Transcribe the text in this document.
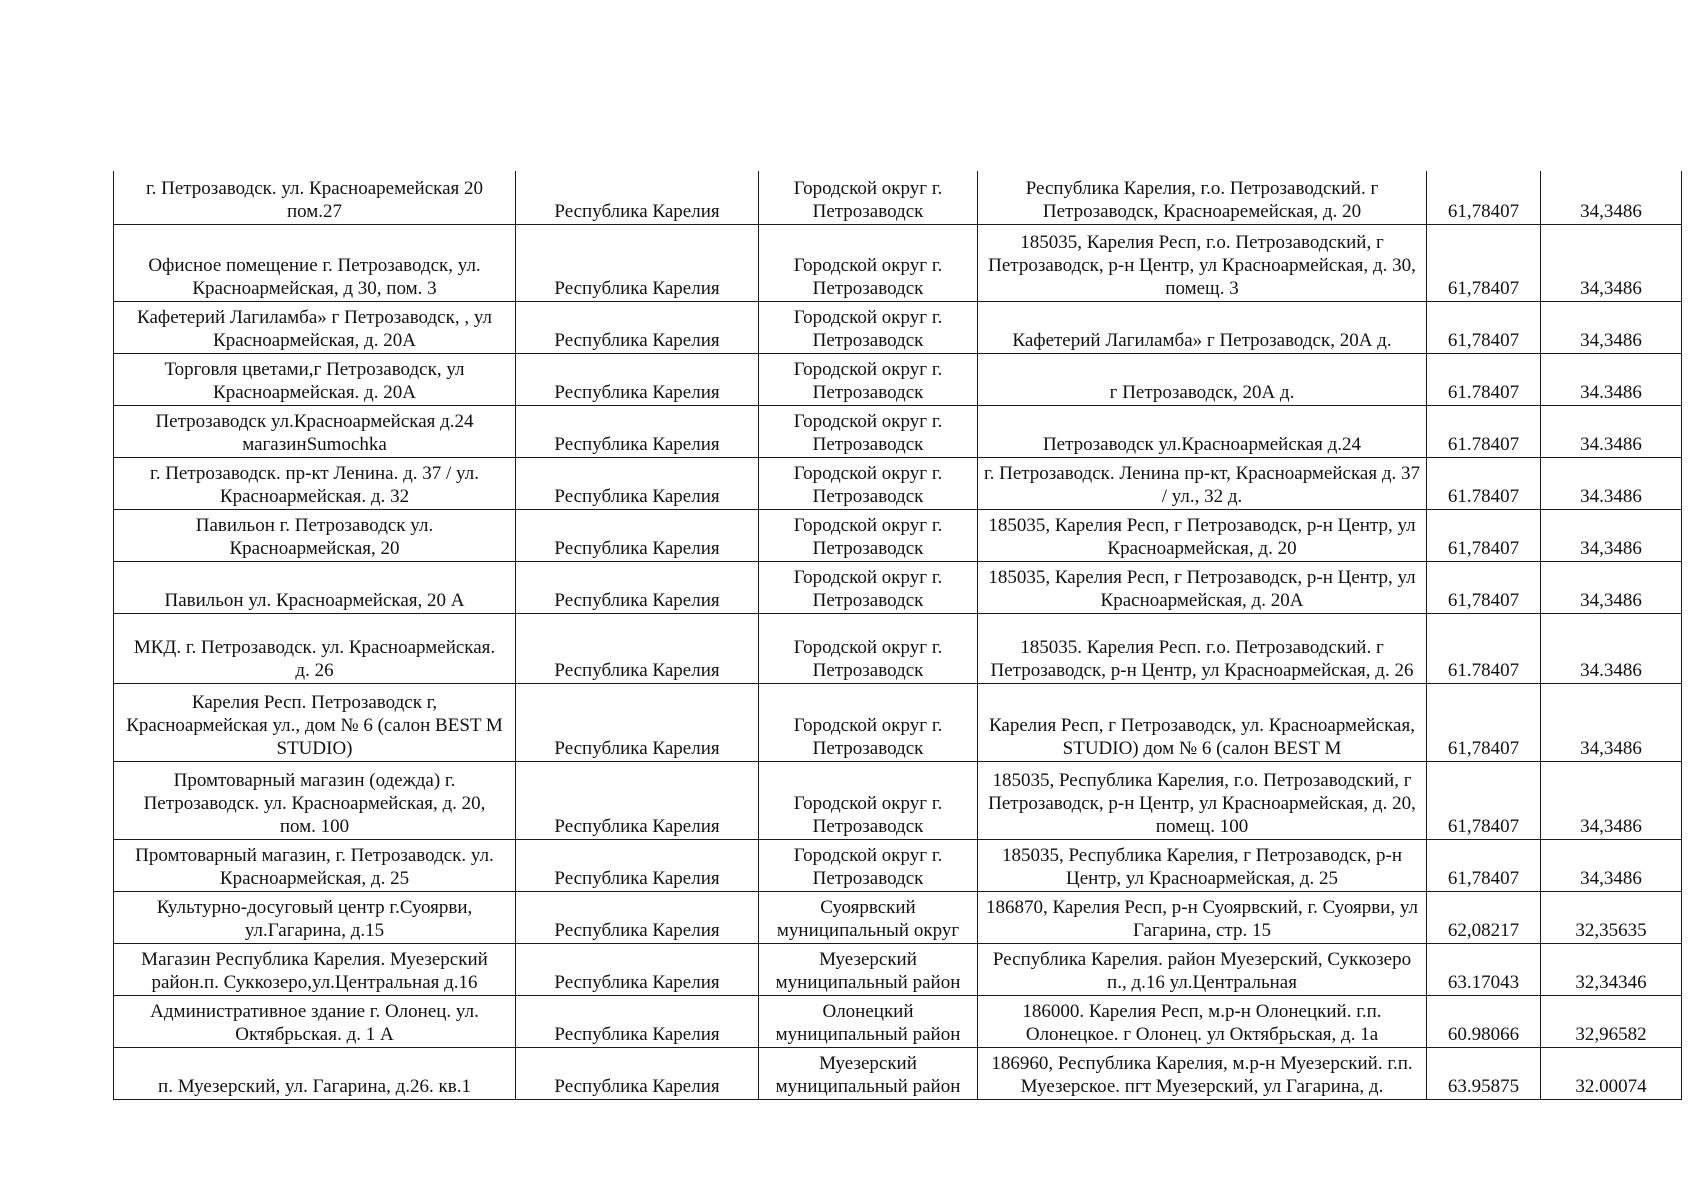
г. Петрозаводск. ул. Красноаремейская 20 пом.27	Республика Карелия	Городской округ г. Петрозаводск	Республика Карелия, г.о. Петрозаводский. г Петрозаводск, Красноаремейская, д. 20	61,78407	34,3486
Офисное помещение г. Петрозаводск, ул. Красноармейская, д 30, пом. 3	Республика Карелия	Городской округ г. Петрозаводск	185035, Карелия Респ, г.о. Петрозаводский, г Петрозаводск, р-н Центр, ул Красноармейская, д. 30, помещ. 3	61,78407	34,3486
Кафетерий Лагиламба» г Петрозаводск, , ул Красноармейская, д. 20А	Республика Карелия	Городской округ г. Петрозаводск	Кафетерий Лагиламба» г Петрозаводск, 20А д.	61,78407	34,3486
Торговля цветами,г Петрозаводск, ул Красноармейская. д. 20А	Республика Карелия	Городской округ г. Петрозаводск	г Петрозаводск, 20А д.	61.78407	34.3486
Петрозаводск ул.Красноармейская д.24 магазинSumochka	Республика Карелия	Городской округ г. Петрозаводск	Петрозаводск ул.Красноармейская д.24	61.78407	34.3486
г. Петрозаводск. пр-кт Ленина. д. 37 / ул. Красноармейская. д. 32	Республика Карелия	Городской округ г. Петрозаводск	г. Петрозаводск. Ленина пр-кт, Красноармейская д. 37 / ул., 32 д.	61.78407	34.3486
Павильон г. Петрозаводск ул. Красноармейская, 20	Республика Карелия	Городской округ г. Петрозаводск	185035, Карелия Респ, г Петрозаводск, р-н Центр, ул Красноармейская, д. 20	61,78407	34,3486
Павильон ул. Красноармейская, 20 А	Республика Карелия	Городской округ г. Петрозаводск	185035, Карелия Респ, г Петрозаводск, р-н Центр, ул Красноармейская, д. 20А	61,78407	34,3486
МКД. г. Петрозаводск. ул. Красноармейская. д. 26	Республика Карелия	Городской округ г. Петрозаводск	185035. Карелия Респ. г.о. Петрозаводский. г Петрозаводск, р-н Центр, ул Красноармейская, д. 26	61.78407	34.3486
Карелия Респ. Петрозаводск г, Красноармейская ул., дом № 6 (салон BEST M STUDIO)	Республика Карелия	Городской округ г. Петрозаводск	Карелия Респ, г Петрозаводск, ул. Красноармейская, STUDIO) дом № 6 (салон BEST M	61,78407	34,3486
Промтоварный магазин (одежда) г. Петрозаводск. ул. Красноармейская, д. 20, пом. 100	Республика Карелия	Городской округ г. Петрозаводск	185035, Республика Карелия, г.о. Петрозаводский, г Петрозаводск, р-н Центр, ул Красноармейская, д. 20, помещ. 100	61,78407	34,3486
Промтоварный магазин, г. Петрозаводск. ул. Красноармейская, д. 25	Республика Карелия	Городской округ г. Петрозаводск	185035, Республика Карелия, г Петрозаводск, р-н Центр, ул Красноармейская, д. 25	61,78407	34,3486
Культурно-досуговый центр г.Суоярви, ул.Гагарина, д.15	Республика Карелия	Суоярвский муниципальный округ	186870, Карелия Респ, р-н Суоярвский, г. Суоярви, ул Гагарина, стр. 15	62,08217	32,35635
Магазин Республика Карелия. Муезерский район.п. Суккозеро,ул.Центральная д.16	Республика Карелия	Муезерский муниципальный район	Республика Карелия. район Муезерский, Суккозеро п., д.16 ул.Центральная	63.17043	32,34346
Административное здание г. Олонец. ул. Октябрьская. д. 1 А	Республика Карелия	Олонецкий муниципальный район	186000. Карелия Респ, м.р-н Олонецкий. г.п. Олонецкое. г Олонец. ул Октябрьская, д. 1а	60.98066	32,96582
п. Муезерский, ул. Гагарина, д.26. кв.1	Республика Карелия	Муезерский муниципальный район	186960, Республика Карелия, м.р-н Муезерский. г.п. Муезерское. пгт Муезерский, ул Гагарина, д.	63.95875	32.00074
